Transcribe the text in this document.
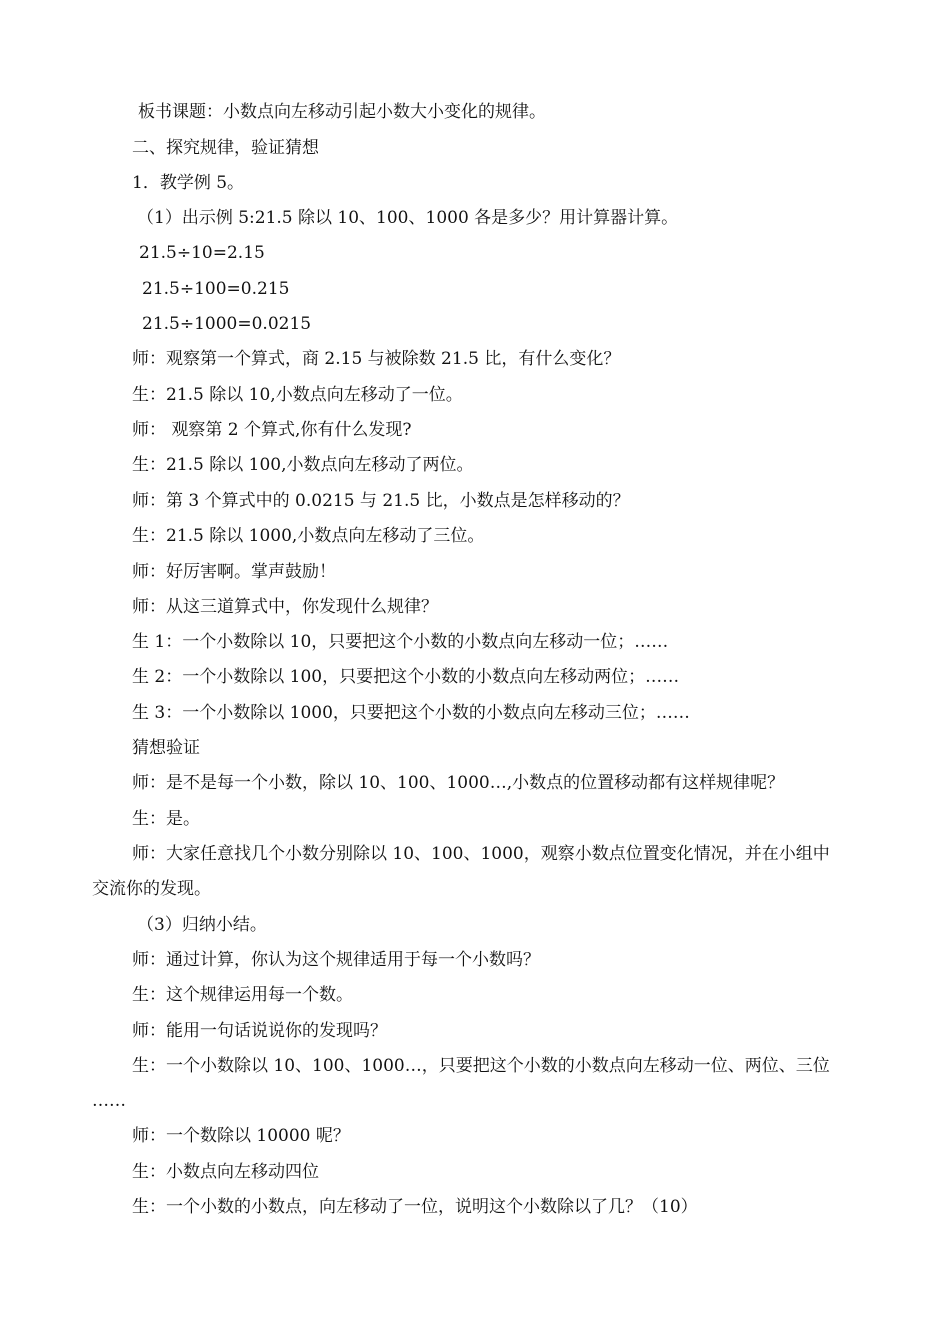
板书课题：小数点向左移动引起小数大小变化的规律。
二、探究规律，验证猜想
1．教学例 5。
（1）出示例 5:21.5 除以 10、100、1000 各是多少？用计算器计算。
21.5÷10=2.15
21.5÷100=0.215
21.5÷1000=0.0215
师：观察第一个算式，商 2.15 与被除数 21.5 比，有什么变化？
生：21.5 除以 10,小数点向左移动了一位。
师： 观察第 2 个算式,你有什么发现?
生：21.5 除以 100,小数点向左移动了两位。
师：第 3 个算式中的 0.0215 与 21.5 比，小数点是怎样移动的？
生：21.5 除以 1000,小数点向左移动了三位。
师：好厉害啊。掌声鼓励！
师：从这三道算式中，你发现什么规律？
生 1：一个小数除以 10，只要把这个小数的小数点向左移动一位；……
生 2：一个小数除以 100，只要把这个小数的小数点向左移动两位；……
生 3：一个小数除以 1000，只要把这个小数的小数点向左移动三位；……
猜想验证
师：是不是每一个小数，除以 10、100、1000…,小数点的位置移动都有这样规律呢？
生：是。
师：大家任意找几个小数分别除以 10、100、1000，观察小数点位置变化情况，并在小组中
交流你的发现。
（3）归纳小结。
师：通过计算，你认为这个规律适用于每一个小数吗？
生：这个规律运用每一个数。
师：能用一句话说说你的发现吗？
生：一个小数除以 10、100、1000…，只要把这个小数的小数点向左移动一位、两位、三位
……
师：一个数除以 10000 呢？
生：小数点向左移动四位
生：一个小数的小数点，向左移动了一位，说明这个小数除以了几？（10）
